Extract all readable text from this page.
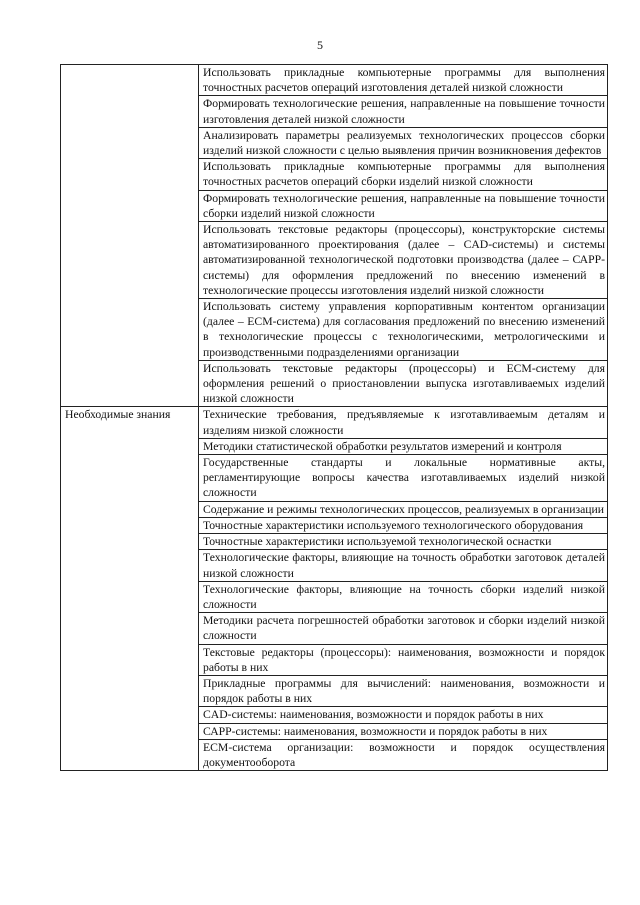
5
	Использовать прикладные компьютерные программы для выполнения точностных расчетов операций изготовления деталей низкой сложности
	Формировать технологические решения, направленные на повышение точности изготовления деталей низкой сложности
	Анализировать параметры реализуемых технологических процессов сборки изделий низкой сложности с целью выявления причин возникновения дефектов
	Использовать прикладные компьютерные программы для выполнения точностных расчетов операций сборки изделий низкой сложности
	Формировать технологические решения, направленные на повышение точности сборки изделий низкой сложности
	Использовать текстовые редакторы (процессоры), конструкторские системы автоматизированного проектирования (далее – CAD-системы) и системы автоматизированной технологической подготовки производства (далее – САРР-системы) для оформления предложений по внесению изменений в технологические процессы изготовления изделий низкой сложности
	Использовать систему управления корпоративным контентом организации (далее – ЕСМ-система) для согласования предложений по внесению изменений в технологические процессы с технологическими, метрологическими и производственными подразделениями организации
	Использовать текстовые редакторы (процессоры) и ЕСМ-систему для оформления решений о приостановлении выпуска изготавливаемых изделий низкой сложности
Необходимые знания	Технические требования, предъявляемые к изготавливаемым деталям и изделиям низкой сложности
	Методики статистической обработки результатов измерений и контроля
	Государственные стандарты и локальные нормативные акты, регламентирующие вопросы качества изготавливаемых изделий низкой сложности
	Содержание и режимы технологических процессов, реализуемых в организации
	Точностные характеристики используемого технологического оборудования
	Точностные характеристики используемой технологической оснастки
	Технологические факторы, влияющие на точность обработки заготовок деталей низкой сложности
	Технологические факторы, влияющие на точность сборки изделий низкой сложности
	Методики расчета погрешностей обработки заготовок и сборки изделий низкой сложности
	Текстовые редакторы (процессоры): наименования, возможности и порядок работы в них
	Прикладные программы для вычислений: наименования, возможности и порядок работы в них
	CAD-системы: наименования, возможности и порядок работы в них
	САРР-системы: наименования, возможности и порядок работы в них
	ЕСМ-система организации: возможности и порядок осуществления документооборота
